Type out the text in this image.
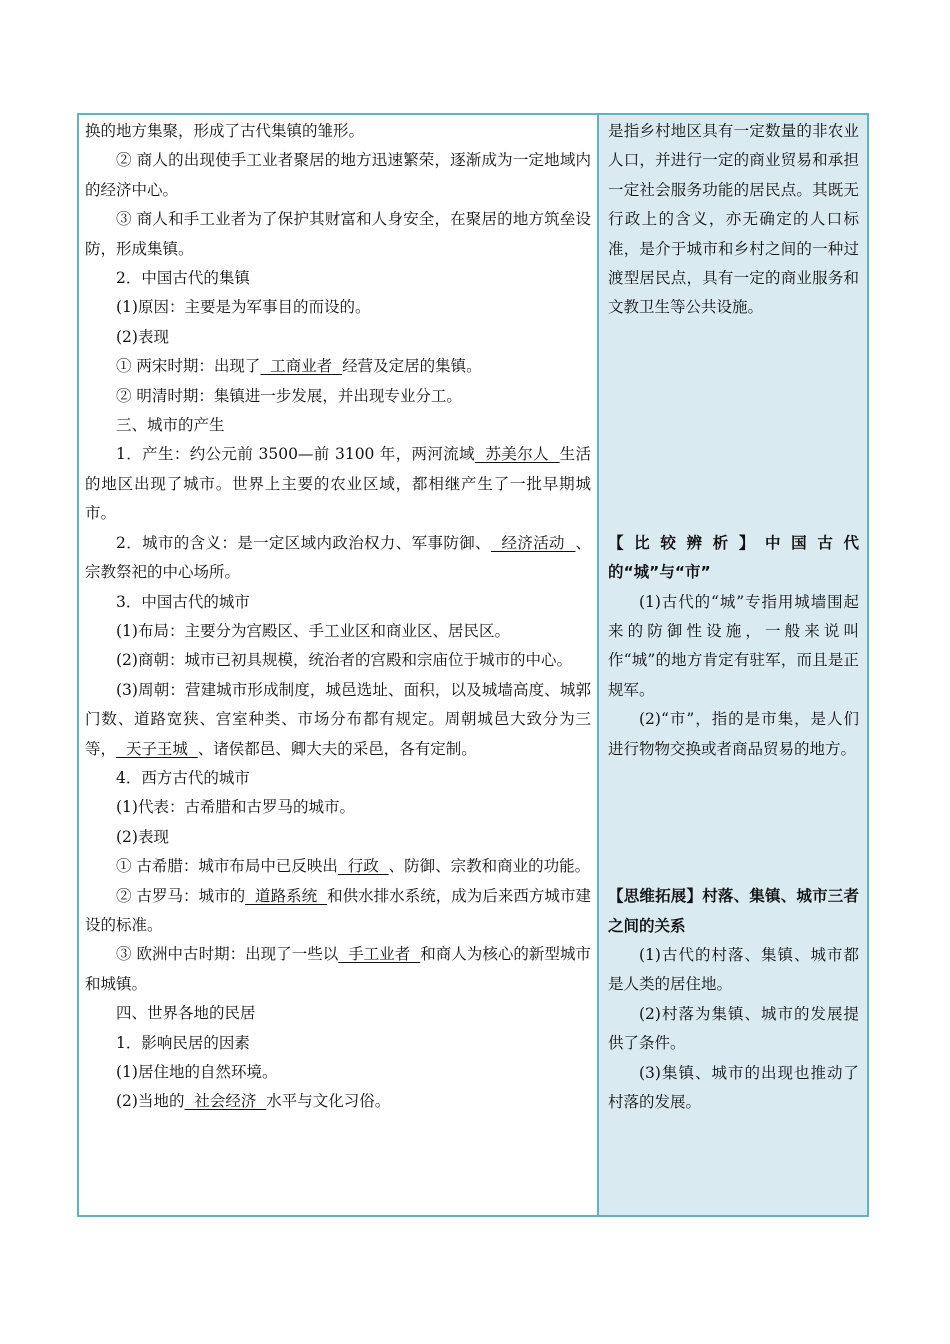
换的地方集聚，形成了古代集镇的雏形。

② 商人的出现使手工业者聚居的地方迅速繁荣，逐渐成为一定地域内的经济中心。

③ 商人和手工业者为了保护其财富和人身安全，在聚居的地方筑垒设防，形成集镇。

2．中国古代的集镇

(1)原因：主要是为军事目的而设的。

(2)表现

① 两宋时期：出现了  工商业者  经营及定居的集镇。

② 明清时期：集镇进一步发展，并出现专业分工。

三、城市的产生

1．产生：约公元前 3500—前 3100 年，两河流域  苏美尔人  生活的地区出现了城市。世界上主要的农业区域，都相继产生了一批早期城市。

2．城市的含义：是一定区域内政治权力、军事防御、  经济活动  、宗教祭祀的中心场所。

3．中国古代的城市

(1)布局：主要分为宫殿区、手工业区和商业区、居民区。

(2)商朝：城市已初具规模，统治者的宫殿和宗庙位于城市的中心。

(3)周朝：营建城市形成制度，城邑选址、面积，以及城墙高度、城郭门数、道路宽狭、宫室种类、市场分布都有规定。周朝城邑大致分为三等，  天子王城  、诸侯都邑、卿大夫的采邑，各有定制。

4．西方古代的城市

(1)代表：古希腊和古罗马的城市。

(2)表现

① 古希腊：城市布局中已反映出  行政  、防御、宗教和商业的功能。

② 古罗马：城市的  道路系统  和供水排水系统，成为后来西方城市建设的标准。

③ 欧洲中古时期：出现了一些以  手工业者  和商人为核心的新型城市和城镇。

四、世界各地的民居

1．影响民居的因素

(1)居住地的自然环境。

(2)当地的  社会经济  水平与文化习俗。

是指乡村地区具有一定数量的非农业人口，并进行一定的商业贸易和承担一定社会服务功能的居民点。其既无行政上的含义，亦无确定的人口标准，是介于城市和乡村之间的一种过渡型居民点，具有一定的商业服务和文教卫生等公共设施。

【比较辨析】中国古代的“城”与“市”

(1)古代的“城”专指用城墙围起来的防御性设施，一般来说叫作“城”的地方肯定有驻军，而且是正规军。

(2)“市”，指的是市集，是人们进行物物交换或者商品贸易的地方。

【思维拓展】村落、集镇、城市三者之间的关系

(1)古代的村落、集镇、城市都是人类的居住地。

(2)村落为集镇、城市的发展提供了条件。

(3)集镇、城市的出现也推动了村落的发展。
